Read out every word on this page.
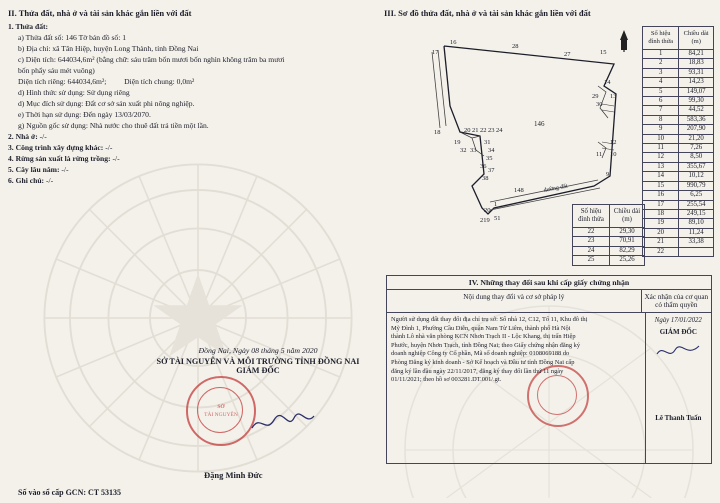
II. Thửa đất, nhà ở và tài sản khác gắn liền với đất
1. Thửa đất:
a) Thửa đất số: 146 Tờ bản đồ số: 1
b) Địa chỉ: xã Tân Hiệp, huyện Long Thành, tỉnh Đồng Nai
c) Diện tích: 644034,6m² (bằng chữ: sáu trăm bốn mươi bốn nghìn không trăm ba mươi
bốn phẩy sáu mét vuông)
Diện tích riêng: 644034,6m²; Diện tích chung: 0,0m²
d) Hình thức sử dụng: Sử dụng riêng
d) Mục đích sử dụng: Đất cơ sở sản xuất phi nông nghiệp.
e) Thời hạn sử dụng: Đến ngày 13/03/2070.
g) Nguồn gốc sử dụng: Nhà nước cho thuê đất trả tiền một lần.
2. Nhà ở: -/-
3. Công trình xây dựng khác: -/-
4. Rừng sản xuất là rừng trồng: -/-
5. Cây lâu năm: -/-
6. Ghi chú: -/-
Đồng Nai, Ngày 08 tháng 5 năm 2020
SỞ TÀI NGUYÊN VÀ MÔI TRƯỜNG TỈNH ĐỒNG NAI
GIÁM ĐỐC
SỞ
TÀI NGUYÊN
Đặng Minh Đức
Số vào sổ cấp GCN: CT 53135
III. Sơ đồ thửa đất, nhà ở và tài sản khác gắn liền với đất
16
28
27	15
14
17
18
29
30
13
20 21 22 23 24
19
32 33
31
34
35
36
37
38
12
11 10
9
148
20
1
219 51
146
đường đất
Số hiệu đỉnh thửa	Chiều dài (m)
1	84,21
2	18,83
3	93,31
4	14,23
5	149,07
6	99,30
7	44,52
8	583,36
9	207,90
10	21,20
11	7,26
12	8,50
13	355,67
14	10,12
15	990,79
16	6,25
17	255,54
18	249,15
19	89,10
20	11,24
21	33,38
22	
Số hiệu đỉnh thửa	Chiều dài (m)
22	29,30
23	70,91
24	82,29
25	25,26
IV. Những thay đổi sau khi cấp giấy chứng nhận
Nội dung thay đổi và cơ sở pháp lý	Xác nhận của cơ quan có thẩm quyền
Người sử dụng đất thay đổi địa chỉ trụ sở: Số nhà 12, C12, Tổ 11, Khu đô thị
Mỹ Đình 1, Phường Cầu Diễn, quận Nam Từ Liêm, thành phố Hà Nội
thành Lô nhà văn phòng KCN Nhơn Trạch II - Lộc Khang, thị trấn Hiệp
Phước, huyện Nhơn Trạch, tỉnh Đồng Nai; theo Giấy chứng nhận đăng ký
doanh nghiệp Công ty Cổ phần, Mã số doanh nghiệp: 0108069188 do
Phòng Đăng ký kinh doanh - Sở Kế hoạch và Đầu tư tỉnh Đồng Nai cấp
đăng ký lần đầu ngày 22/11/2017, đăng ký thay đổi lần thứ 11 ngày
01/11/2021; theo hồ sơ 003281.DT.001/.gt.
Ngày 17/01/2022
GIÁM ĐỐC
Lê Thanh Tuấn
